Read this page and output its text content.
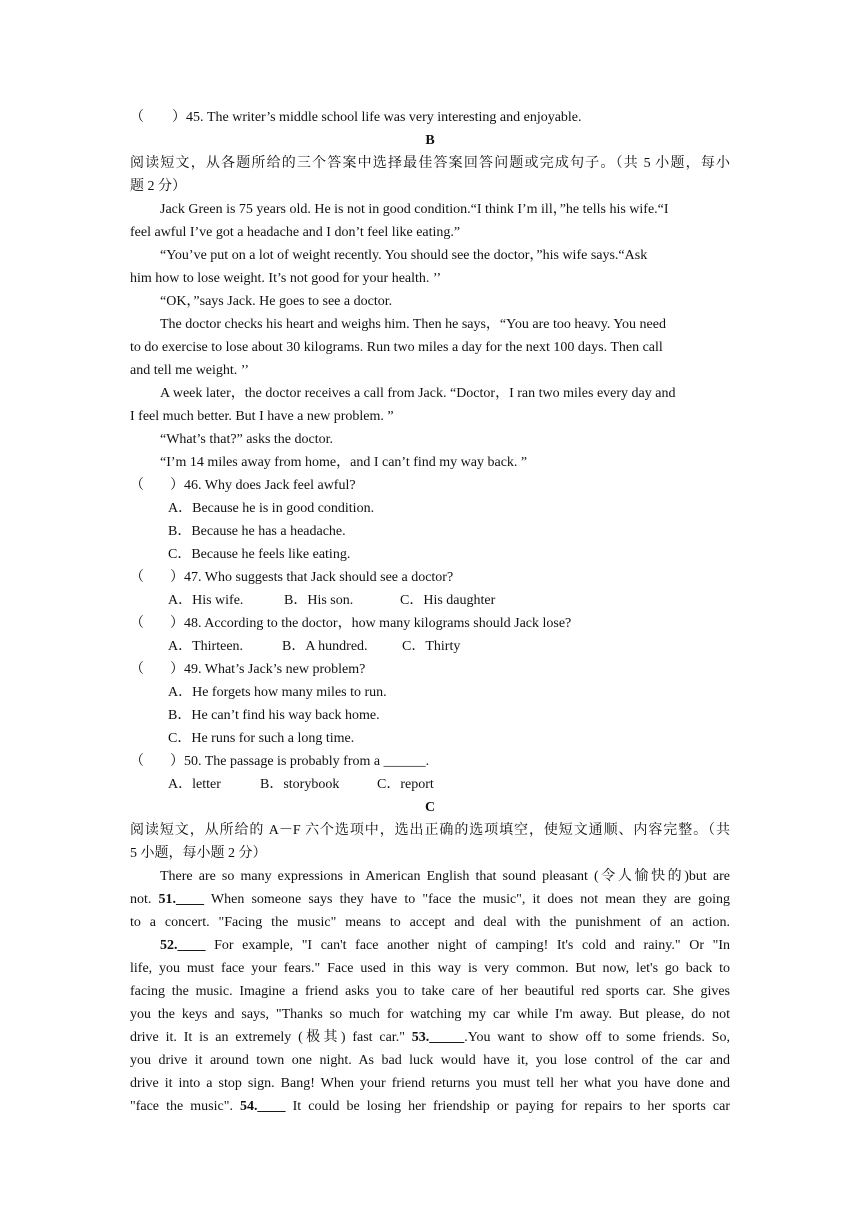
（　　）45. The writer’s middle school life was very interesting and enjoyable.
B
阅读短文，从各题所给的三个答案中选择最佳答案回答问题或完成句子。（共 5 小题，每小
题 2 分）
Jack Green is 75 years old. He is not in good condition.“I think I’m ill，”he tells his wife.“I
feel awful I’ve got a headache and I don’t feel like eating.”
“You’ve put on a lot of weight recently. You should see the doctor，”his wife says.“Ask
him how to lose weight. It’s not good for your health. ’’
“OK，”says Jack. He goes to see a doctor.
The doctor checks his heart and weighs him. Then he says，“You are too heavy. You need
to do exercise to lose about 30 kilograms. Run two miles a day for the next 100 days. Then call
and tell me weight. ’’
A week later，the doctor receives a call from Jack. “Doctor，I ran two miles every day and
I feel much better. But I have a new problem. ”
“What’s that?” asks the doctor.
“I’m 14 miles away from home，and I can’t find my way back. ”
（	）46. Why does Jack feel awful?
A．Because he is in good condition.
B．Because he has a headache.
C．Because he feels like eating.
（	）47. Who suggests that Jack should see a doctor?
A．His wife.	B．His son.	C．His daughter
（	）48. According to the doctor，how many kilograms should Jack lose?
A．Thirteen.	B．A hundred. C．Thirty
（	）49. What’s Jack’s new problem?
A．He forgets how many miles to run.
B．He can’t find his way back home.
C．He runs for such a long time.
（	）50. The passage is probably from a ______.
A．letter	B．storybook	C．report
C
阅读短文，从所给的 A－F 六个选项中，选出正确的选项填空，使短文通顺、内容完整。（共
5 小题，每小题 2 分）
There are so many expressions in American English that sound pleasant (令人愉快的)but are
not. 51.____ When someone says they have to "face the music", it does not mean they are going
to a concert. "Facing the music" means to accept and deal with the punishment of an action.
52.____ For example, "I can't face another night of camping! It's cold and rainy." Or "In
life, you must face your fears." Face used in this way is very common. But now, let's go back to
facing the music. Imagine a friend asks you to take care of her beautiful red sports car. She gives
you the keys and says, "Thanks so much for watching my car while I'm away. But please, do not
drive it. It is an extremely (极其) fast car." 53._____.You want to show off to some friends. So,
you drive it around town one night. As bad luck would have it, you lose control of the car and
drive it into a stop sign. Bang! When your friend returns you must tell her what you have done and
"face the music". 54.____ It could be losing her friendship or paying for repairs to her sports car
